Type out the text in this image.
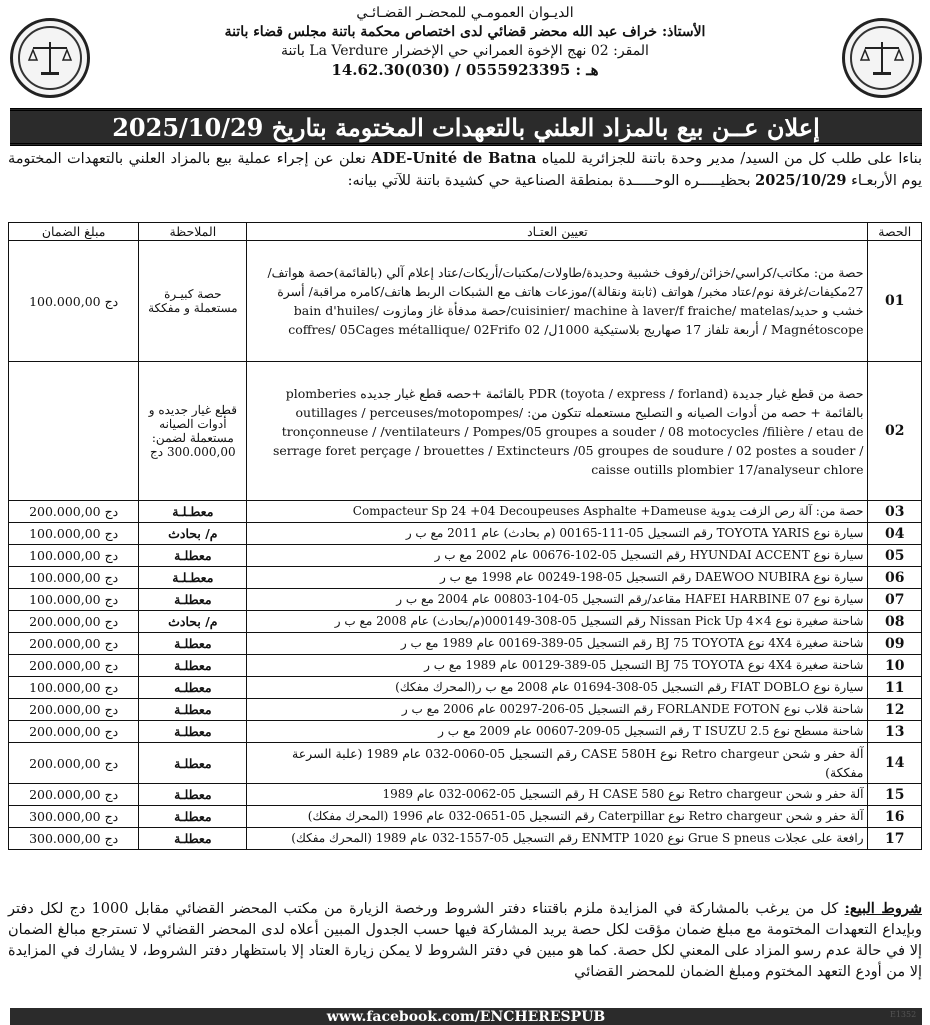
الديـوان العمومـي للمحضـر القضـائـي
الأستاذ: خراف عبد الله محضر قضائي لدى اختصاص محكمة باتنة مجلس قضاء باتنة
المقر: 02 نهج الإخوة العمراني حي الإخضرار La Verdure باتنة
هـ : 0555923395 / (030)14.62.30
إعلان عــن بيع بالمزاد العلني بالتعهدات المختومة بتاريخ 2025/10/29
بناءا على طلب كل من السيد/ مدير وحدة باتنة للجزائرية للمياه ADE-Unité de Batna نعلن عن إجراء عملية بيع بالمزاد العلني بالتعهدات المختومة يوم الأربعـاء 2025/10/29 بحظيـــــره الوحـــــدة بمنطقة الصناعية حي كشيدة باتنة للآتي بيانه:
الحصة	تعيين العتـاد	الملاحظة	مبلغ الضمان
01	حصة من: مكاتب/كراسي/خزائن/رفوف خشبية وحديدة/طاولات/مكتبات/أريكات/عتاد إعلام آلي (بالقائمة)حصة هواتف/ 27مكيفات/غرفة نوم/عتاد مخبر/ هواتف (ثابتة ونقالة)/موزعات هاتف مع الشبكات الربط هاتف/كامره مراقبة/ أسرة خشب و حديد/cuisinier/ machine à laver/f fraiche/ matelas/حصة مدفأة غاز ومازوت bain d'huiles/ Magnétoscope / أربعة تلفاز 17 صهاريج بلاستيكية 1000ل/ 02 coffres/ 05Cages métallique/ 02Frifo	حصة كبيـرة مستعملة و مفككة	100.000,00 دج
02	حصة من قطع غيار جديدة PDR (toyota / express / forland) بالقائمة +حصه قطع غيار جديده plomberies بالقائمة + حصه من أدوات الصيانه و التصليح مستعمله تتكون من: outillages / perceuses/motopompes/ tronçonneuse / /ventilateurs / Pompes/05 groupes a souder / 08 motocycles /filière / etau de serrage foret perçage / brouettes / Extincteurs /05 groupes de soudure / 02 postes a souder / caisse outills plombier 17/analyseur chlore	قطع غيار جديده و أدوات الصيانه مستعملة لضمن: 300.000,00 دج	
03	حصة من: آلة رص الزفت يدوية Compacteur Sp 24 +04 Decoupeuses Asphalte +Dameuse	معطـلـة	200.000,00 دج
04	سيارة نوع TOYOTA YARIS رقم التسجيل 05-111-00165 (م بحادث) عام 2011 مع ب ر	م/ بحادث	100.000,00 دج
05	سيارة نوع HYUNDAI ACCENT رقم التسجيل 05-102-00676 عام 2002 مع ب ر	معطلـة	100.000,00 دج
06	سيارة نوع DAEWOO NUBIRA رقم التسجيل 05-198-00249 عام 1998 مع ب ر	معطـلـة	100.000,00 دج
07	سيارة نوع HAFEI HARBINE 07 مقاعد/رقم التسجيل 05-104-00803 عام 2004 مع ب ر	معطلـة	100.000,00 دج
08	شاحنة صغيرة نوع Nissan Pick Up 4×4 رقم التسجيل 05-308-000149(م/بحادث) عام 2008 مع ب ر	م/ بحادث	200.000,00 دج
09	شاحنة صغيرة 4X4 نوع BJ 75 TOYOTA رقم التسجيل 05-389-00169 عام 1989 مع ب ر	معطلـة	200.000,00 دج
10	شاحنة صغيرة 4X4 نوع BJ 75 TOYOTA التسجيل 05-389-00129 عام 1989 مع ب ر	معطلـة	200.000,00 دج
11	سيارة نوع FIAT DOBLO رقم التسجيل 05-308-01694 عام 2008 مع ب ر(المحرك مفكك)	معطلـه	100.000,00 دج
12	شاحنة قلاب نوع FORLANDE FOTON رقم التسجيل 05-206-00297 عام 2006 مع ب ر	معطلـة	200.000,00 دج
13	شاحنة مسطح نوع T ISUZU 2.5 رقم التسجيل 05-209-00607 عام 2009 مع ب ر	معطلـة	200.000,00 دج
14	آلة حفر و شحن Retro chargeur نوع CASE 580H رقم التسجيل 05-0060-032 عام 1989 (علبة السرعة مفككة)	معطلـة	200.000,00 دج
15	آلة حفر و شحن Retro chargeur نوع H CASE 580 رقم التسجيل 05-0062-032 عام 1989	معطلـة	200.000,00 دج
16	آلة حفر و شحن Retro chargeur نوع Caterpillar رقم التسجيل 05-0651-032 عام 1996 (المحرك مفكك)	معطلـة	300.000,00 دج
17	رافعة على عجلات Grue S pneus نوع ENMTP 1020 رقم التسجيل 05-1557-032 عام 1989 (المحرك مفكك)	معطلـة	300.000,00 دج
شروط البيع: كل من يرغب بالمشاركة في المزايدة ملزم باقتناء دفتر الشروط ورخصة الزيارة من مكتب المحضر القضائي مقابل 1000 دج لكل دفتر وبإيداع التعهدات المختومة مع مبلغ ضمان مؤقت لكل حصة يريد المشاركة فيها حسب الجدول المبين أعلاه لدى المحضر القضائي لا تسترجع مبالغ الضمان إلا في حالة عدم رسو المزاد على المعني لكل حصة. كما هو مبين في دفتر الشروط لا يمكن زيارة العتاد إلا باستظهار دفتر الشروط، لا يشارك في المزايدة إلا من أودع التعهد المختوم ومبلغ الضمان للمحضر القضائي
www.facebook.com/ENCHERESPUB	E1352
